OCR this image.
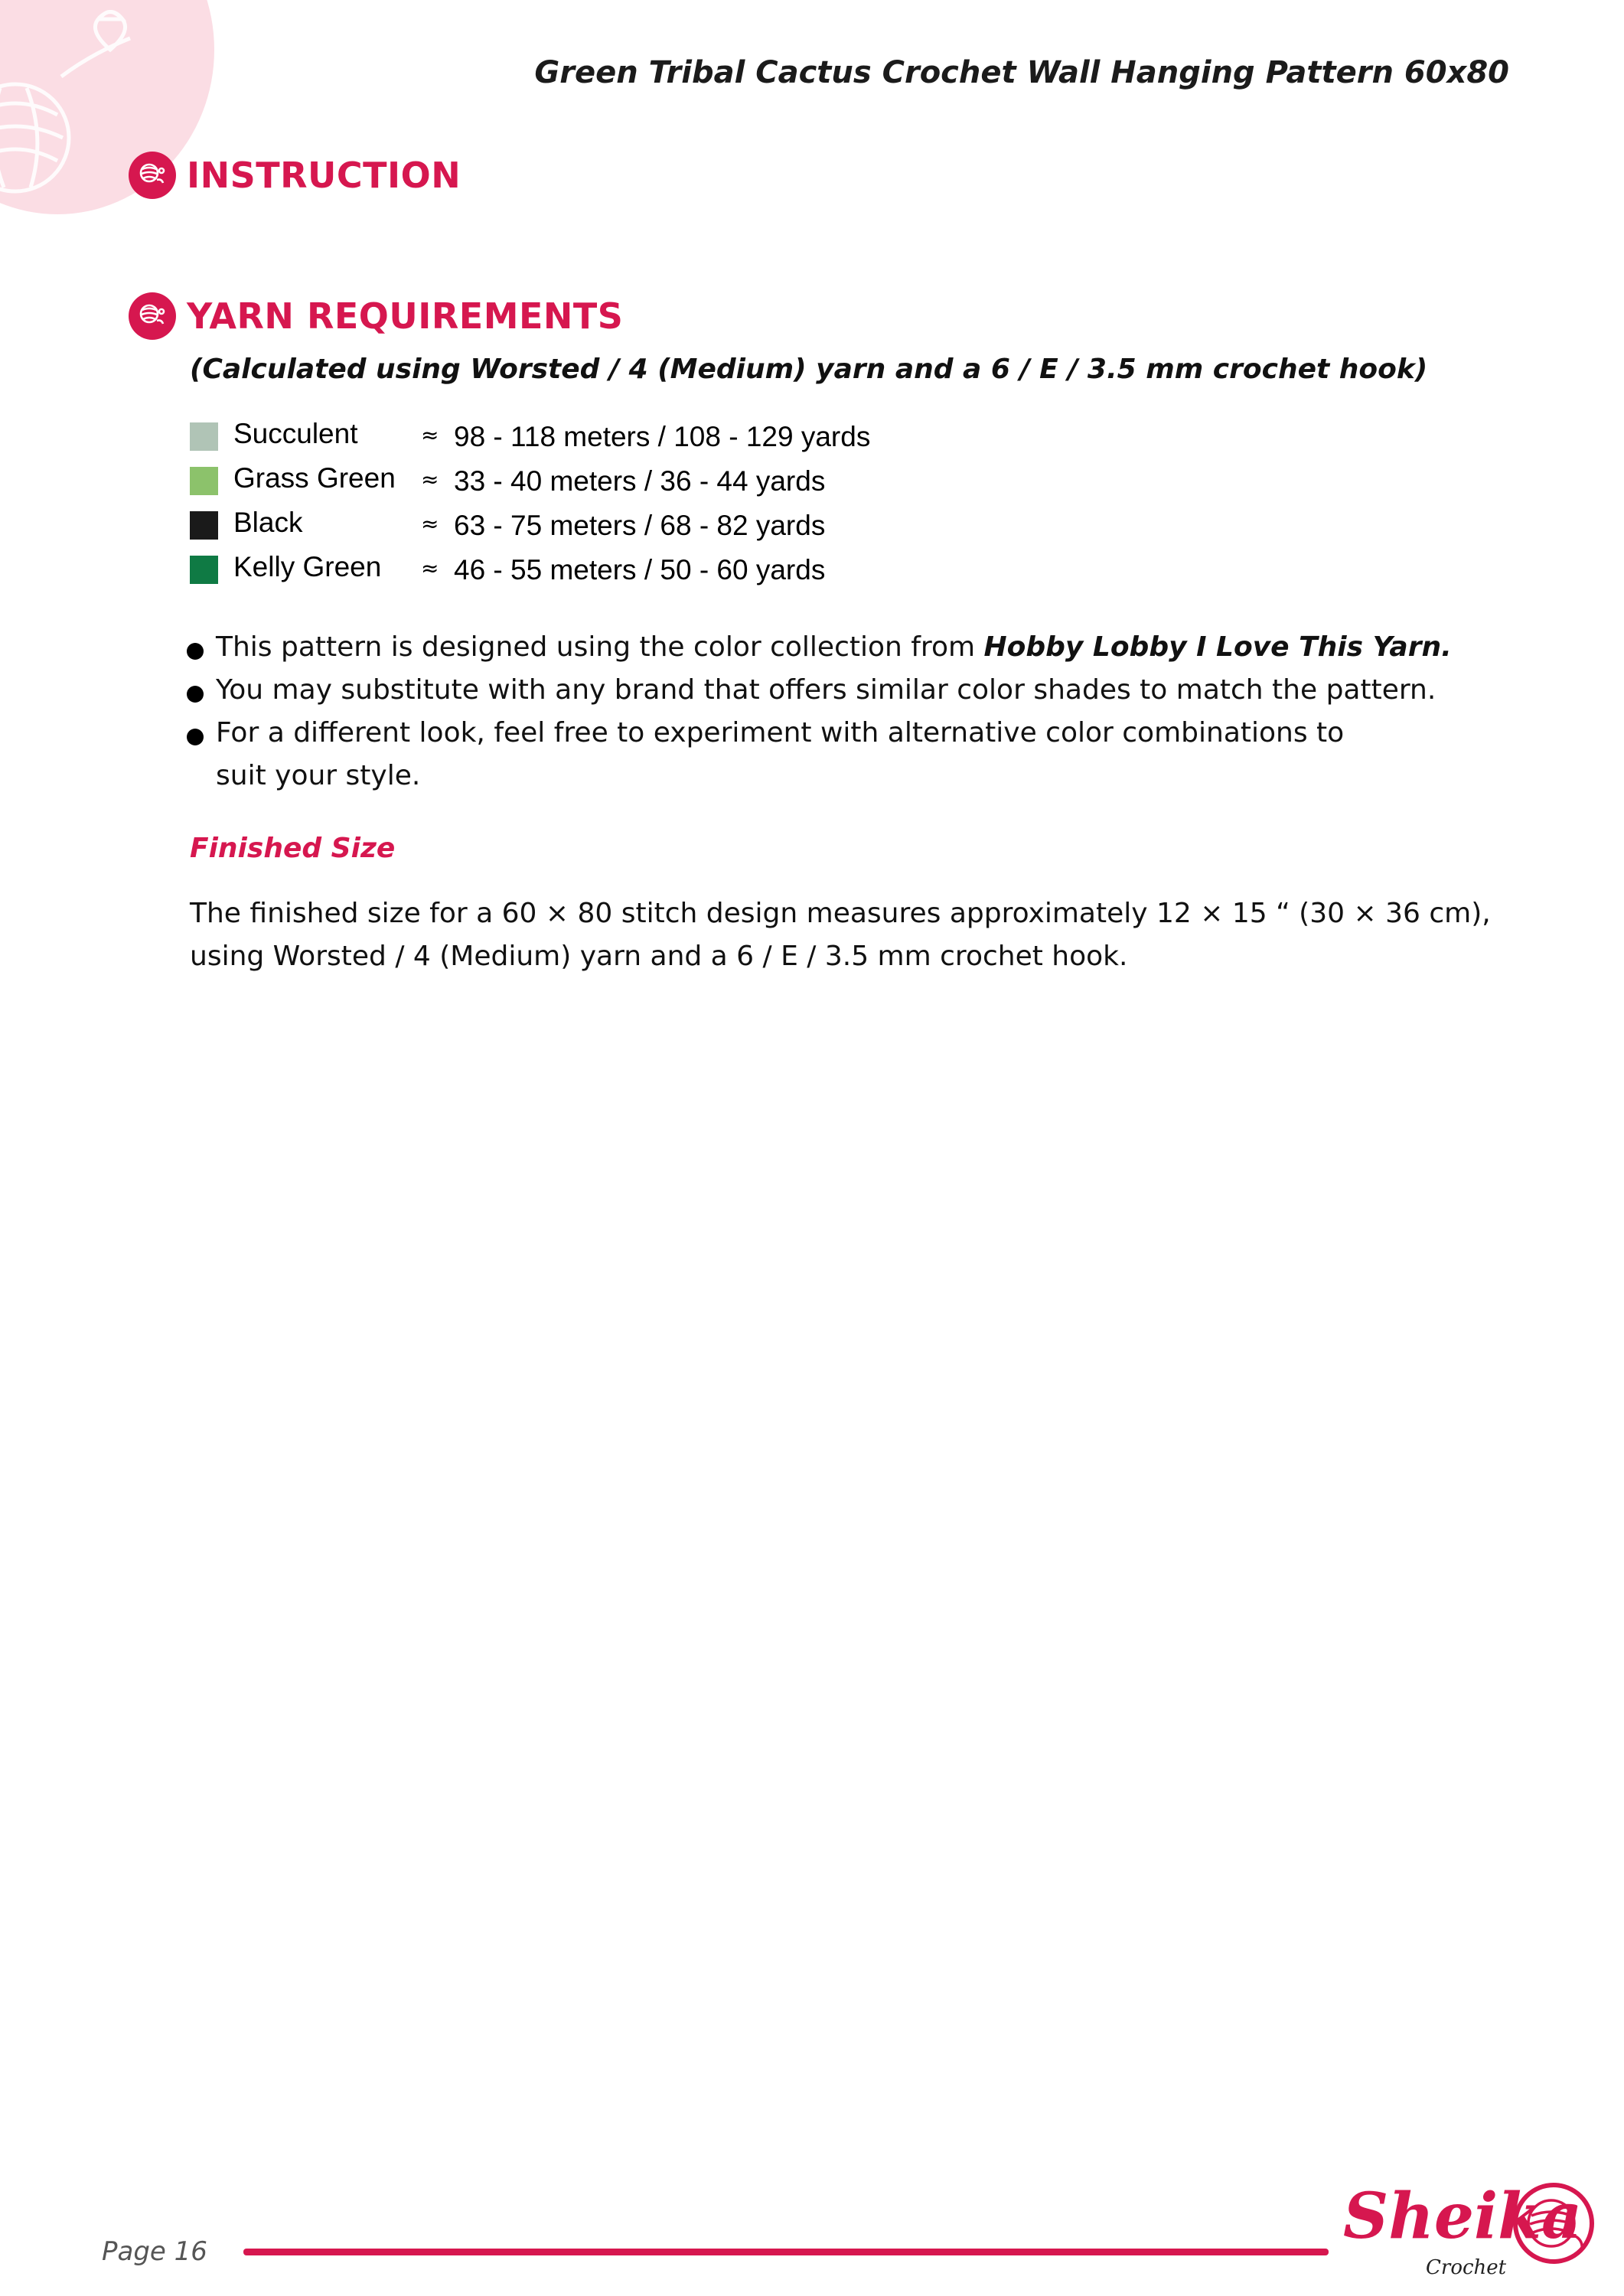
Green Tribal Cactus Crochet Wall Hanging Pattern 60x80
INSTRUCTION
YARN REQUIREMENTS
(Calculated using Worsted / 4 (Medium) yarn and a 6 / E / 3.5 mm crochet hook)
Succulent	≈ 98 - 118 meters / 108 - 129 yards
Grass Green ≈ 33 - 40 meters / 36 - 44 yards
Black	≈ 63 - 75 meters / 68 - 82 yards
Kelly Green ≈ 46 - 55 meters / 50 - 60 yards
This pattern is designed using the color collection from Hobby Lobby I Love This Yarn.
You may substitute with any brand that offers similar color shades to match the pattern.
For a different look, feel free to experiment with alternative color combinations to suit your style.
Finished Size
The finished size for a 60 × 80 stitch design measures approximately 12 × 15 “ (30 × 36 cm), using Worsted / 4 (Medium) yarn and a 6 / E / 3.5 mm crochet hook.
Page 16	Sheika
Crochet
